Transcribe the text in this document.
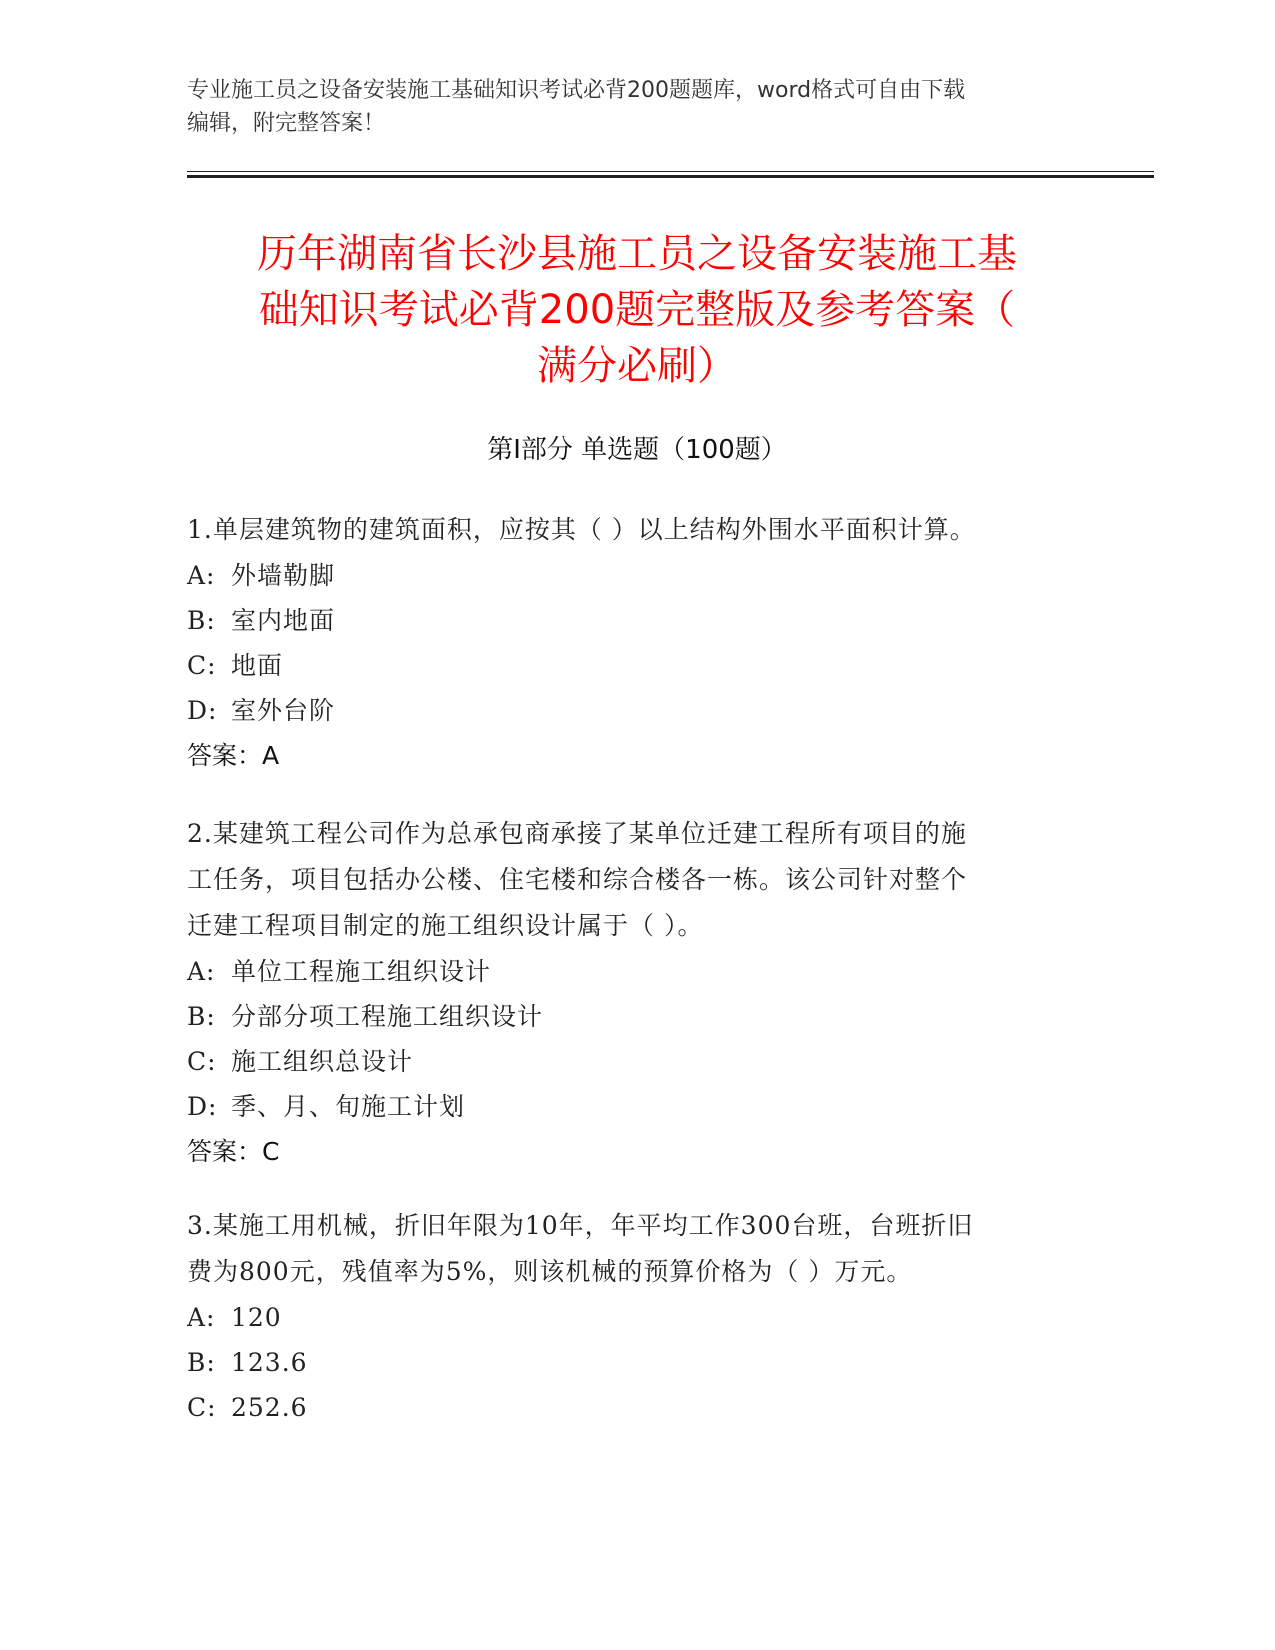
专业施工员之设备安装施工基础知识考试必背200题题库，word格式可自由下载
编辑，附完整答案！
历年湖南省长沙县施工员之设备安装施工基
础知识考试必背200题完整版及参考答案（
满分必刷）
第Ⅰ部分 单选题（100题）
1.单层建筑物的建筑面积，应按其（ ）以上结构外围水平面积计算。
A: 外墙勒脚
B: 室内地面
C: 地面
D: 室外台阶
答案：A
2.某建筑工程公司作为总承包商承接了某单位迁建工程所有项目的施
工任务，项目包括办公楼、住宅楼和综合楼各一栋。该公司针对整个
迁建工程项目制定的施工组织设计属于（ ）。
A: 单位工程施工组织设计
B: 分部分项工程施工组织设计
C: 施工组织总设计
D: 季、月、旬施工计划
答案：C
3.某施工用机械，折旧年限为10年，年平均工作300台班，台班折旧
费为800元，残值率为5%，则该机械的预算价格为（ ）万元。
A: 120
B: 123.6
C: 252.6
